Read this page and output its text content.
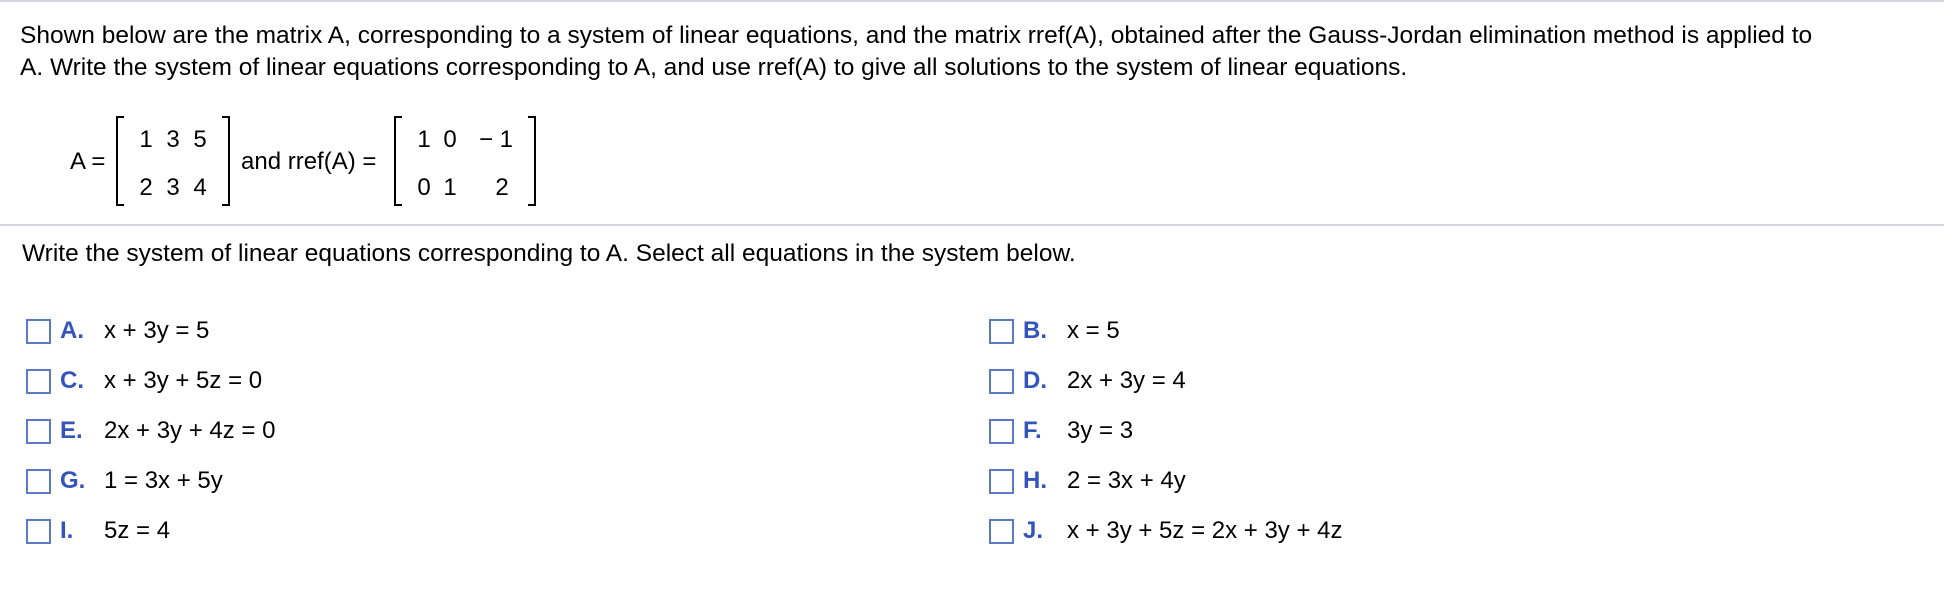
Shown below are the matrix A, corresponding to a system of linear equations, and the matrix rref(A), obtained after the Gauss-Jordan elimination method is applied to
A. Write the system of linear equations corresponding to A, and use rref(A) to give all solutions to the system of linear equations.
A =
1 3 5
2 3 4
and rref(A) =
1 0 − 1
0 1	2
Write the system of linear equations corresponding to A. Select all equations in the system below.
A. x + 3y = 5
C. x + 3y + 5z = 0
E. 2x + 3y + 4z = 0
G. 1 = 3x + 5y
I.	5z = 4
B. x = 5
D. 2x + 3y = 4
F.	3y = 3
H. 2 = 3x + 4y
J. x + 3y + 5z = 2x + 3y + 4z
